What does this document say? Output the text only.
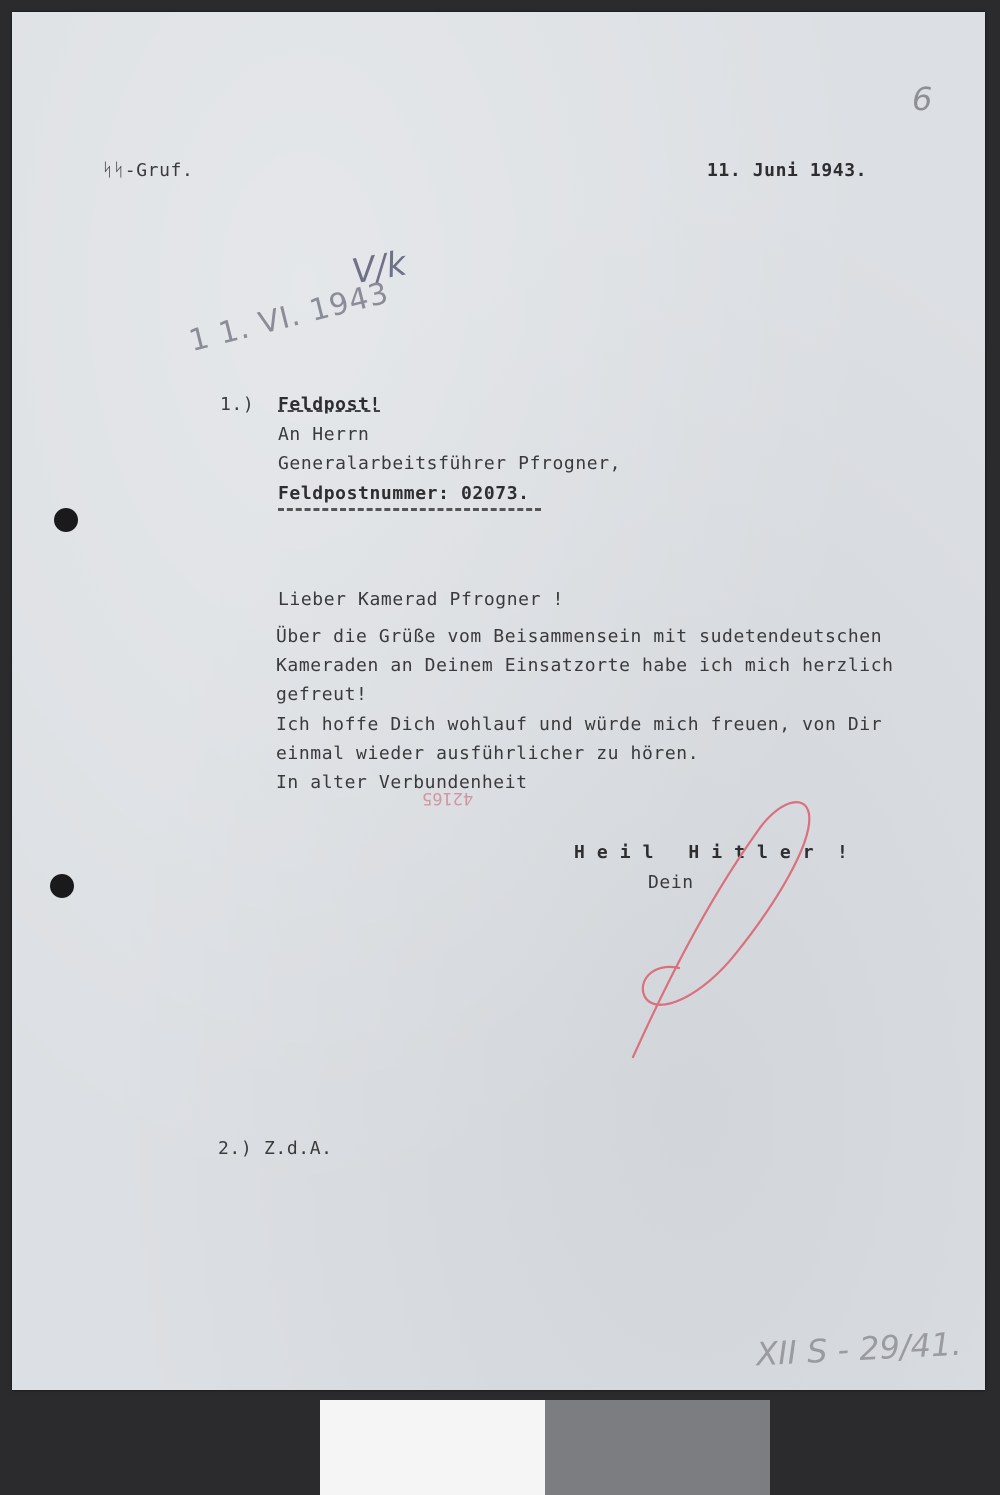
6
ᛋᛋ-Gruf.	11. Juni 1943.
1 1. VI. 1943
V/k
1.) Feldpost!
An Herrn
Generalarbeitsführer Pfrogner,
Feldpostnummer: 02073.
Lieber Kamerad Pfrogner !
Über die Grüße vom Beisammensein mit sudetendeutschen
Kameraden an Deinem Einsatzorte habe ich mich herzlich
gefreut!
Ich hoffe Dich wohlauf und würde mich freuen, von Dir
einmal wieder ausführlicher zu hören.
In alter Verbundenheit
42165
H e i l   H i t l e r  !
Dein
2.) Z.d.A.
XII S - 29/41.
